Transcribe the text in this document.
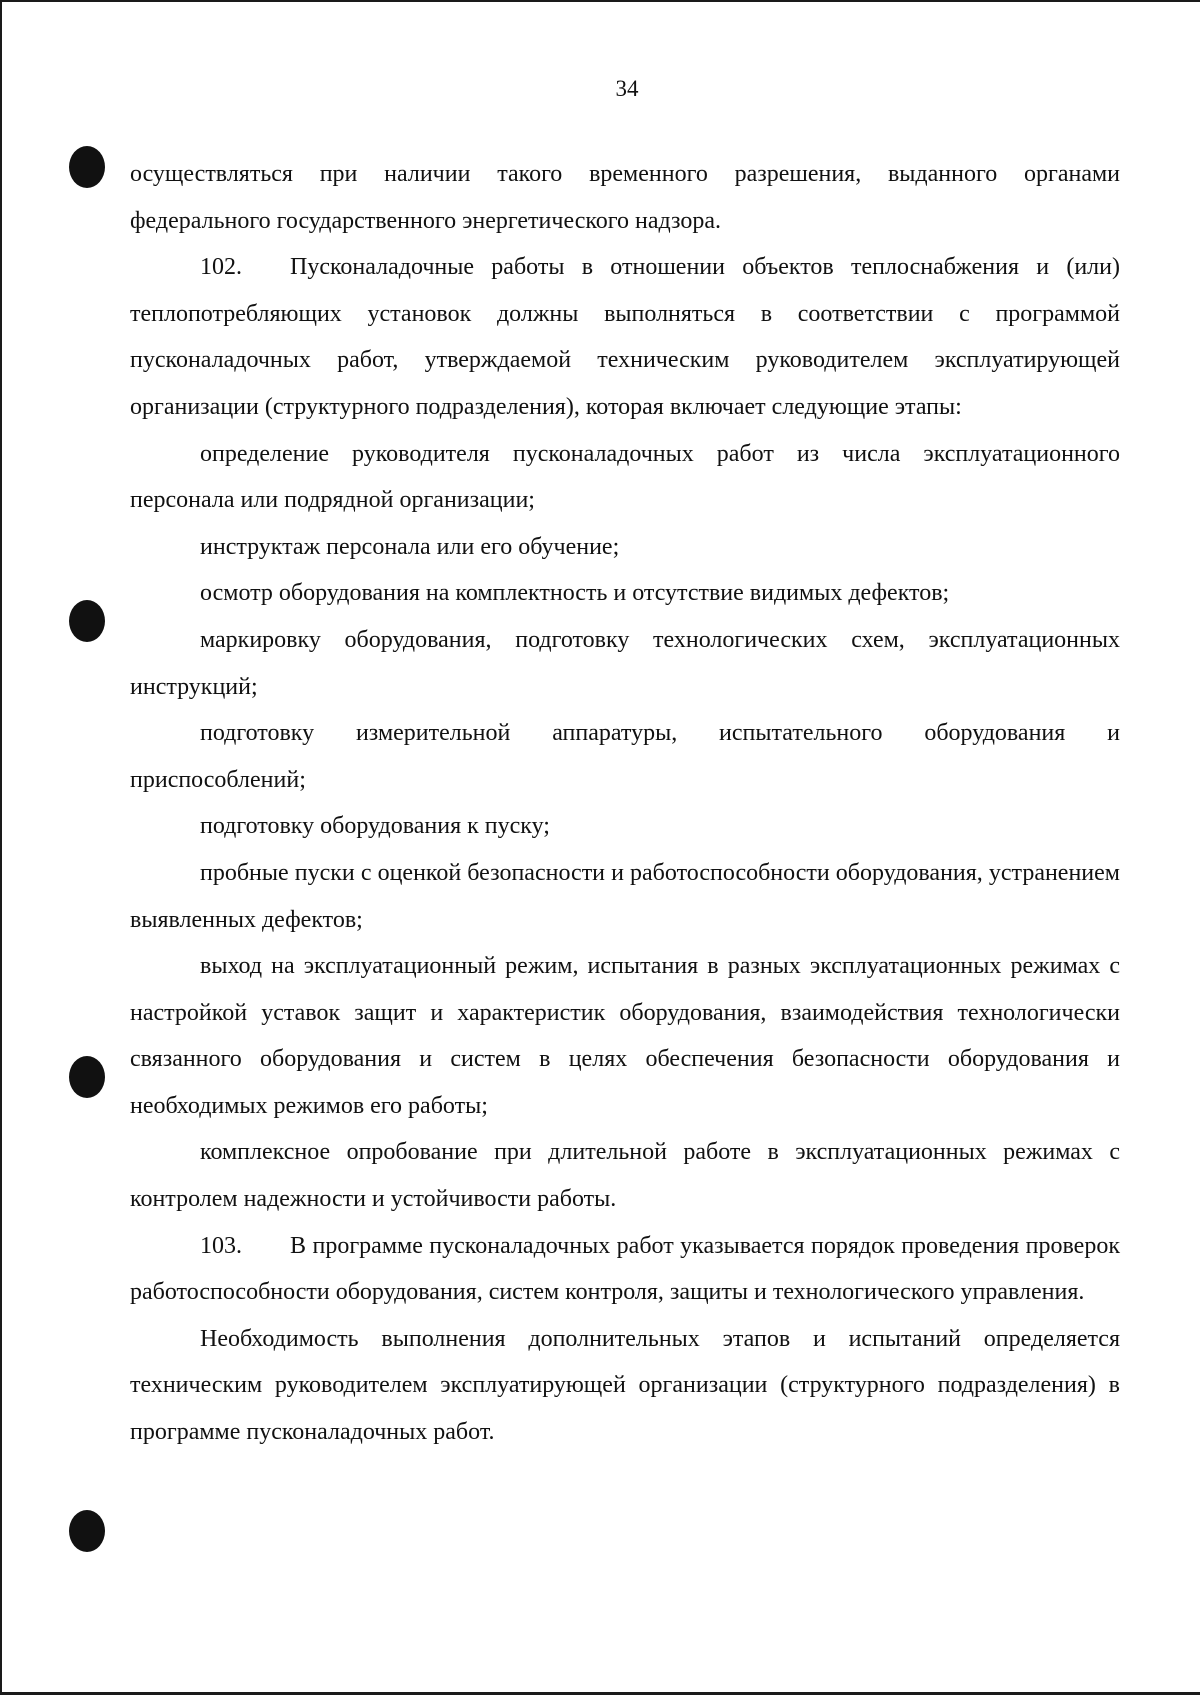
34

осуществляться при наличии такого временного разрешения, выданного органами федерального государственного энергетического надзора.

102.  Пусконаладочные работы в отношении объектов теплоснабжения и (или) теплопотребляющих установок должны выполняться в соответствии с программой пусконаладочных работ, утверждаемой техническим руководителем эксплуатирующей организации (структурного подразделения), которая включает следующие этапы:

определение руководителя пусконаладочных работ из числа эксплуатационного персонала или подрядной организации;

инструктаж персонала или его обучение;

осмотр оборудования на комплектность и отсутствие видимых дефектов;

маркировку оборудования, подготовку технологических схем, эксплуатационных инструкций;

подготовку измерительной аппаратуры, испытательного оборудования и приспособлений;

подготовку оборудования к пуску;

пробные пуски с оценкой безопасности и работоспособности оборудования, устранением выявленных дефектов;

выход на эксплуатационный режим, испытания в разных эксплуатационных режимах с настройкой уставок защит и характеристик оборудования, взаимодействия технологически связанного оборудования и систем в целях обеспечения безопасности оборудования и необходимых режимов его работы;

комплексное опробование при длительной работе в эксплуатационных режимах с контролем надежности и устойчивости работы.

103.  В программе пусконаладочных работ указывается порядок проведения проверок работоспособности оборудования, систем контроля, защиты и технологического управления.

Необходимость выполнения дополнительных этапов и испытаний определяется техническим руководителем эксплуатирующей организации (структурного подразделения) в программе пусконаладочных работ.
